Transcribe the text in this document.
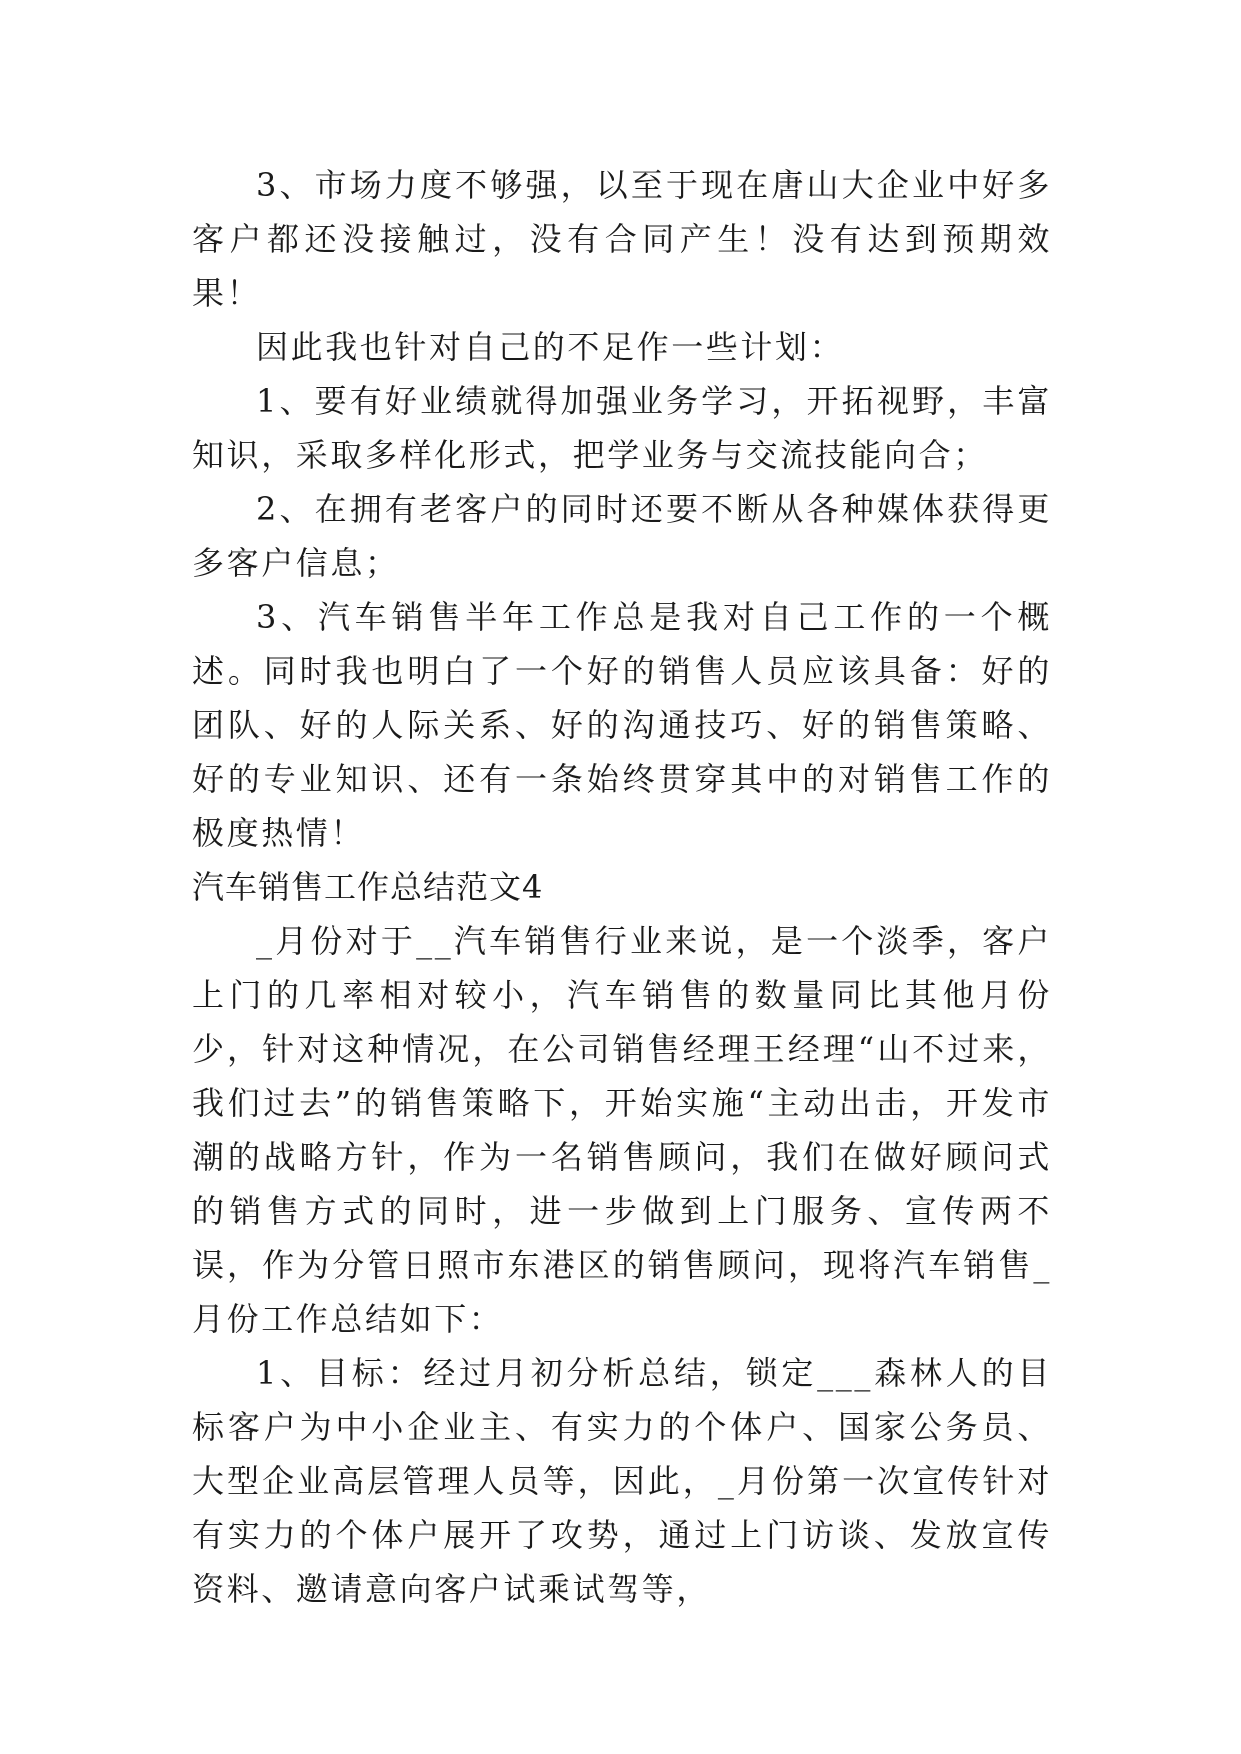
3、市场力度不够强，以至于现在唐山大企业中好多客户都还没接触过，没有合同产生！没有达到预期效果！

因此我也针对自己的不足作一些计划：

1、要有好业绩就得加强业务学习，开拓视野，丰富知识，采取多样化形式，把学业务与交流技能向合；

2、在拥有老客户的同时还要不断从各种媒体获得更多客户信息；

3、汽车销售半年工作总是我对自己工作的一个概述。同时我也明白了一个好的销售人员应该具备：好的团队、好的人际关系、好的沟通技巧、好的销售策略、好的专业知识、还有一条始终贯穿其中的对销售工作的极度热情！

汽车销售工作总结范文4

_月份对于__汽车销售行业来说，是一个淡季，客户上门的几率相对较小，汽车销售的数量同比其他月份少，针对这种情况，在公司销售经理王经理“山不过来，我们过去”的销售策略下，开始实施“主动出击，开发市潮的战略方针，作为一名销售顾问，我们在做好顾问式的销售方式的同时，进一步做到上门服务、宣传两不误，作为分管日照市东港区的销售顾问，现将汽车销售_月份工作总结如下：

1、目标：经过月初分析总结，锁定___森林人的目标客户为中小企业主、有实力的个体户、国家公务员、大型企业高层管理人员等，因此，_月份第一次宣传针对有实力的个体户展开了攻势，通过上门访谈、发放宣传资料、邀请意向客户试乘试驾等，
